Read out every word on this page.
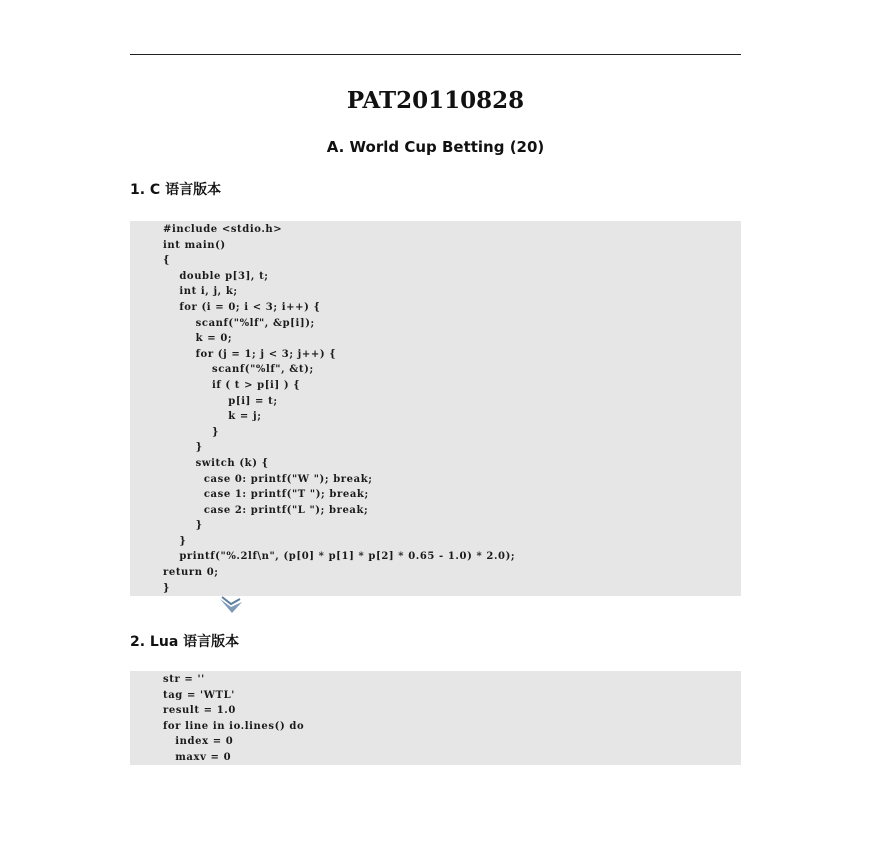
PAT20110828
A. World Cup Betting (20)
1. C 语言版本
#include <stdio.h>
int main()
{
double p[3], t;
int i, j, k;
for (i = 0; i < 3; i++) {
scanf("%lf", &p[i]);
k = 0;
for (j = 1; j < 3; j++) {
scanf("%lf", &t);
if ( t > p[i] ) {
p[i] = t;
k = j;
}
}
switch (k) {
case 0: printf("W "); break;
case 1: printf("T "); break;
case 2: printf("L "); break;
}
}
printf("%.2lf\n", (p[0] * p[1] * p[2] * 0.65 - 1.0) * 2.0);
return 0;
}
2. Lua 语言版本
str = ''
tag = 'WTL'
result = 1.0
for line in io.lines() do
index = 0
maxv = 0
